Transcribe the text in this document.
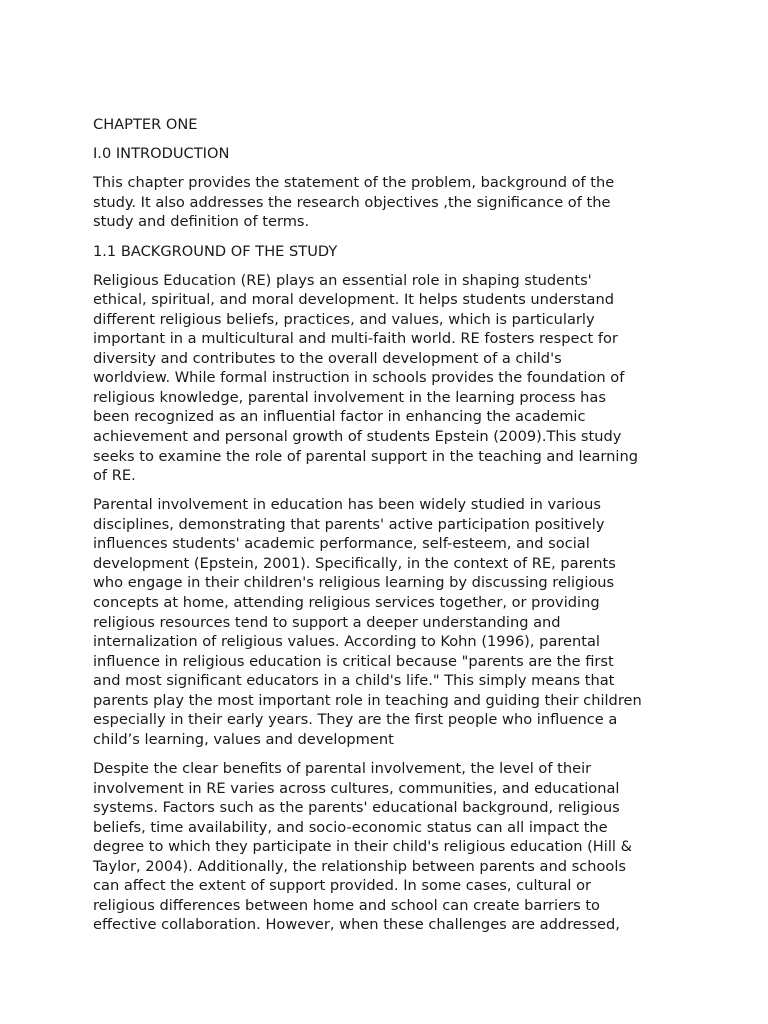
CHAPTER ONE
I.0 INTRODUCTION
This chapter provides the statement of the problem, background of the
study. It also addresses the research objectives ,the significance of the
study and definition of terms.
1.1 BACKGROUND OF THE STUDY
Religious Education (RE) plays an essential role in shaping students'
ethical, spiritual, and moral development. It helps students understand
different religious beliefs, practices, and values, which is particularly
important in a multicultural and multi-faith world. RE fosters respect for
diversity and contributes to the overall development of a child's
worldview. While formal instruction in schools provides the foundation of
religious knowledge, parental involvement in the learning process has
been recognized as an influential factor in enhancing the academic
achievement and personal growth of students Epstein (2009).This study
seeks to examine the role of parental support in the teaching and learning
of RE.
Parental involvement in education has been widely studied in various
disciplines, demonstrating that parents' active participation positively
influences students' academic performance, self-esteem, and social
development (Epstein, 2001). Specifically, in the context of RE, parents
who engage in their children's religious learning by discussing religious
concepts at home, attending religious services together, or providing
religious resources tend to support a deeper understanding and
internalization of religious values. According to Kohn (1996), parental
influence in religious education is critical because "parents are the first
and most significant educators in a child's life." This simply means that
parents play the most important role in teaching and guiding their children
especially in their early years. They are the first people who influence a
child’s learning, values and development
Despite the clear benefits of parental involvement, the level of their
involvement in RE varies across cultures, communities, and educational
systems. Factors such as the parents' educational background, religious
beliefs, time availability, and socio-economic status can all impact the
degree to which they participate in their child's religious education (Hill &
Taylor, 2004). Additionally, the relationship between parents and schools
can affect the extent of support provided. In some cases, cultural or
religious differences between home and school can create barriers to
effective collaboration. However, when these challenges are addressed,
